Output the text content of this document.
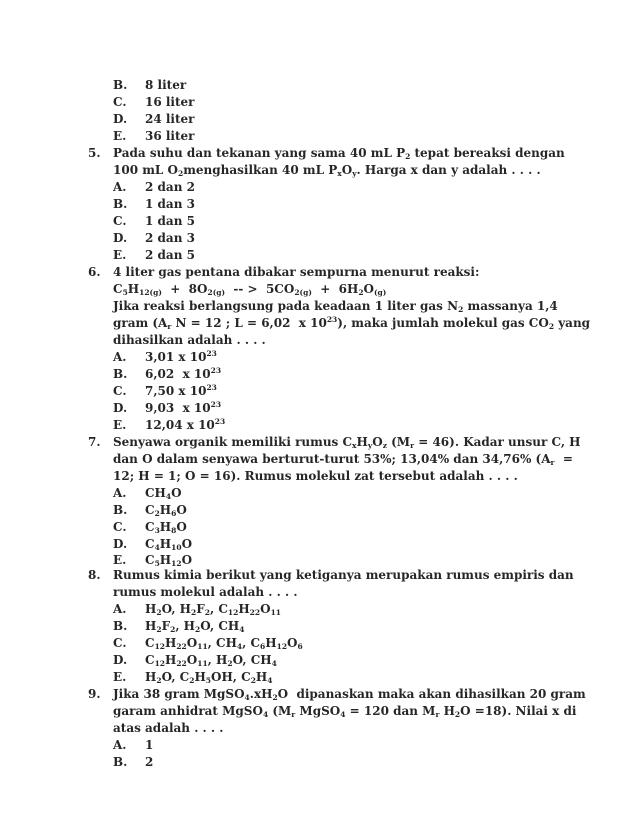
B. 8 liter
C. 16 liter
D. 24 liter
E. 36 liter
5. Pada suhu dan tekanan yang sama 40 mL $P_2$ tepat bereaksi dengan
100 mL $O_2menghasilkan$ 40 mL $P_xO_y$. Harga x dan y adalah . . . .
A. 2 dan 2
B. 1 dan 3
C. 1 dan 5
D. 2 dan 3
E. 2 dan 5
6. 4 liter gas pentana dibakar sempurna menurut reaksi:
$C_5H_{12(g)} + 8O_{2(g)}$  -- >  $5CO_{2(g)} + 6H_2O_{(g)}$
Jika reaksi berlangsung pada keadaan 1 liter gas $N_2$ massanya 1,4
gram ($A_r$ N = 12 ; L = 6,02  x $10^{23}$), maka jumlah molekul gas $CO_2$ yang
dihasilkan adalah . . . .
A. 3,01 x $10^{23}$
B. 6,02  x $10^{23}$
C. 7,50 x $10^{23}$
D. 9,03  x $10^{23}$
E. 12,04 x $10^{23}$
7. Senyawa organik memiliki rumus $C_xH_yO_z$ $(M_r = 46)$. Kadar unsur C, H
dan O dalam senyawa berturut-turut 53%; 13,04% dan 34,76% ($A_r$  =
12; H = 1; O = 16). Rumus molekul zat tersebut adalah . . . .
A. $CH_4O$
B. $C_2H_6O$
C. $C_3H_8O$
D. $C_4H_{10}O$
E. $C_5H_{12}O$
8. Rumus kimia berikut yang ketiganya merupakan rumus empiris dan
rumus molekul adalah . . . .
A. $H_2O$, $H_2F_2$, $C_{12}H_{22}O_{11}$
B. $H_2F_2$, $H_2O$, $CH_4$
C. $C_{12}H_{22}O_{11}$, $CH_4$, $C_6H_{12}O_6$
D. $C_{12}H_{22}O_{11}$, $H_2O$, $CH_4$
E. $H_2O$, $C_2H_5OH$, $C_2H_4$
9. Jika 38 gram $MgSO_4.xH_2O$  dipanaskan maka akan dihasilkan 20 gram
garam anhidrat MgSO$_4$ ($M_r$ MgSO$_4$ = 120 dan $M_r$ $H_2O =18$). Nilai x di
atas adalah . . . .
A. 1
B. 2
